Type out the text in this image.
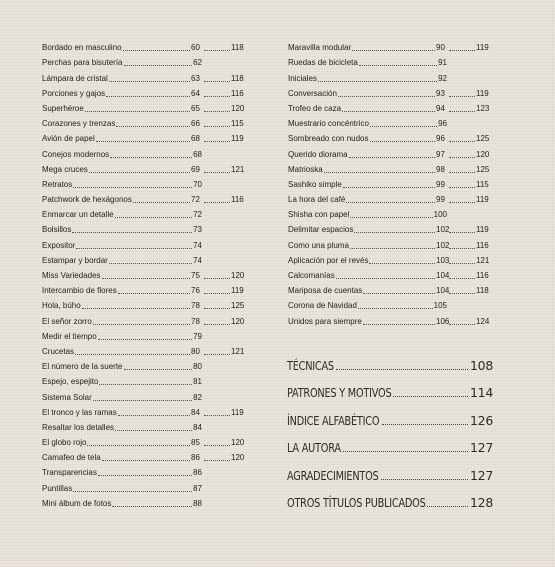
Bordado en masculino	60	118
Perchas para bisutería	62
Lámpara de cristal	63	118
Porciones y gajos	64	116
Superhéroe	65	120
Corazones y trenzas	66	115
Avión de papel	68	119
Conejos modernos	68
Mega cruces	69	121
Retratos	70
Patchwork de hexágonos	72	116
Enmarcar un detalle	72
Bolsillos	73
Expositor	74
Estampar y bordar	74
Miss Variedades	75	120
Intercambio de flores	76	119
Hola, búho	78	125
El señor zorro	78	120
Medir el tiempo	79
Crucetas	80	121
El número de la suerte	80
Espejo, espejito	81
Sistema Solar	82
El tronco y las ramas	84	119
Resaltar los detalles	84
El globo rojo	85	120
Camafeo de tela	86	120
Transparencias	86
Puntillas	87
Mini álbum de fotos	88
Maravilla modular	90	119
Ruedas de bicicleta	91
Iniciales	92
Conversación	93	119
Trofeo de caza	94	123
Muestrario concéntrico	96
Sombreado con nudos	96	125
Querido diorama	97	120
Matrioska	98	125
Sashiko simple	99	115
La hora del café	99	119
Shisha con papel	100
Delimitar espacios	102	119
Como una pluma	102	116
Aplicación por el revés	103	121
Calcomanías	104	116
Mariposa de cuentas	104	118
Corona de Navidad	105
Unidos para siempre	106	124
TÉCNICAS	108
PATRONES Y MOTIVOS	114
ÍNDICE ALFABÉTICO	126
LA AUTORA	127
AGRADECIMIENTOS	127
OTROS TÍTULOS PUBLICADOS	128
